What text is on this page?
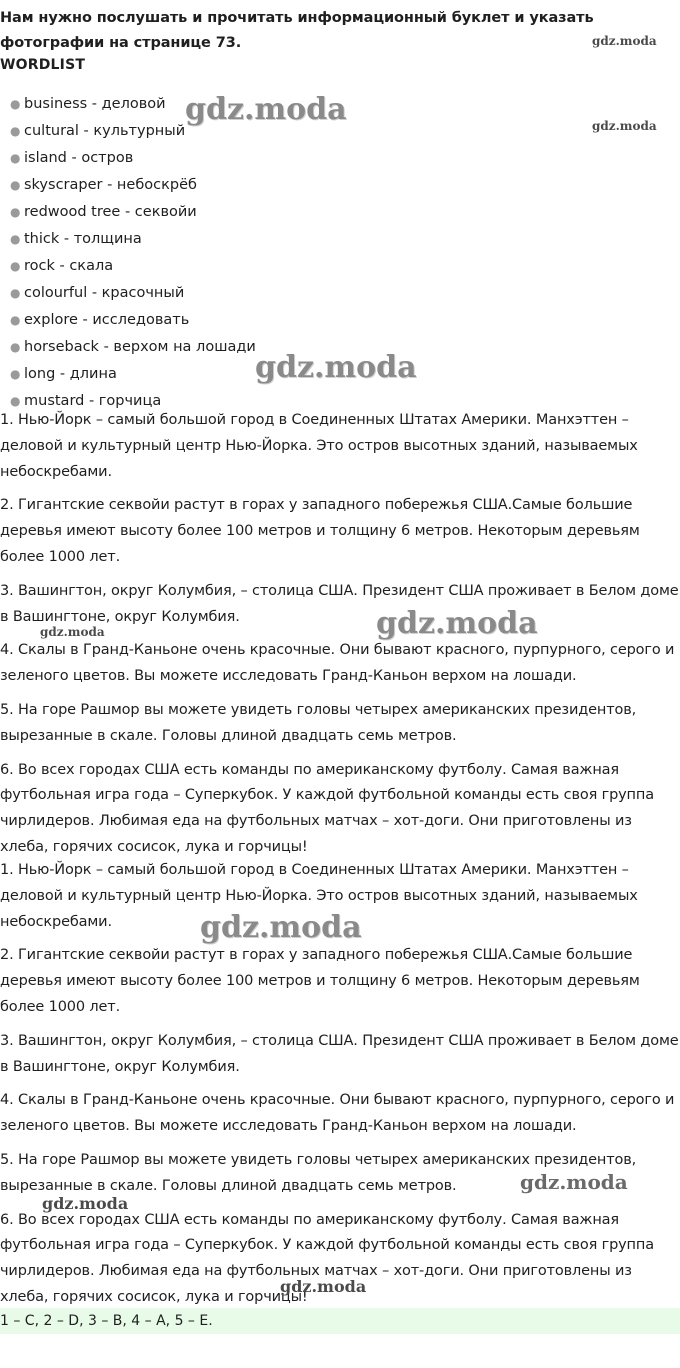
Нам нужно послушать и прочитать информационный буклет и указать фотографии на странице 73.
WORDLIST
● business - деловой
● cultural - культурный
● island - остров
● skyscraper - небоскрёб
● redwood tree - секвойи
● thick - толщина
● rock - скала
● colourful - красочный
● explore - исследовать
● horseback - верхом на лошади
● long - длина
● mustard - горчица

1. Нью-Йорк – самый большой город в Соединенных Штатах Америки. Манхэттен – деловой и культурный центр Нью-Йорка. Это остров высотных зданий, называемых небоскребами.

2. Гигантские секвойи растут в горах у западного побережья США.Самые большие деревья имеют высоту более 100 метров и толщину 6 метров. Некоторым деревьям более 1000 лет.

3. Вашингтон, округ Колумбия, – столица США. Президент США проживает в Белом доме в Вашингтоне, округ Колумбия.

4. Скалы в Гранд-Каньоне очень красочные. Они бывают красного, пурпурного, серого и зеленого цветов. Вы можете исследовать Гранд-Каньон верхом на лошади.

5. На горе Рашмор вы можете увидеть головы четырех американских президентов, вырезанные в скале. Головы длиной двадцать семь метров.

6. Во всех городах США есть команды по американскому футболу. Самая важная футбольная игра года – Суперкубок. У каждой футбольной команды есть своя группа чирлидеров. Любимая еда на футбольных матчах – хот-доги. Они приготовлены из хлеба, горячих сосисок, лука и горчицы!

1. Нью-Йорк – самый большой город в Соединенных Штатах Америки. Манхэттен – деловой и культурный центр Нью-Йорка. Это остров высотных зданий, называемых небоскребами.

2. Гигантские секвойи растут в горах у западного побережья США.Самые большие деревья имеют высоту более 100 метров и толщину 6 метров. Некоторым деревьям более 1000 лет.

3. Вашингтон, округ Колумбия, – столица США. Президент США проживает в Белом доме в Вашингтоне, округ Колумбия.

4. Скалы в Гранд-Каньоне очень красочные. Они бывают красного, пурпурного, серого и зеленого цветов. Вы можете исследовать Гранд-Каньон верхом на лошади.

5. На горе Рашмор вы можете увидеть головы четырех американских президентов, вырезанные в скале. Головы длиной двадцать семь метров.

6. Во всех городах США есть команды по американскому футболу. Самая важная футбольная игра года – Суперкубок. У каждой футбольной команды есть своя группа чирлидеров. Любимая еда на футбольных матчах – хот-доги. Они приготовлены из хлеба, горячих сосисок, лука и горчицы!

1 – C, 2 – D, 3 – B, 4 – A, 5 – E.
gdz.moda
gdz.moda	gdz.moda
gdz.moda
gdz.moda	gdz.moda
gdz.moda
gdz.moda
gdz.moda
gdz.moda
